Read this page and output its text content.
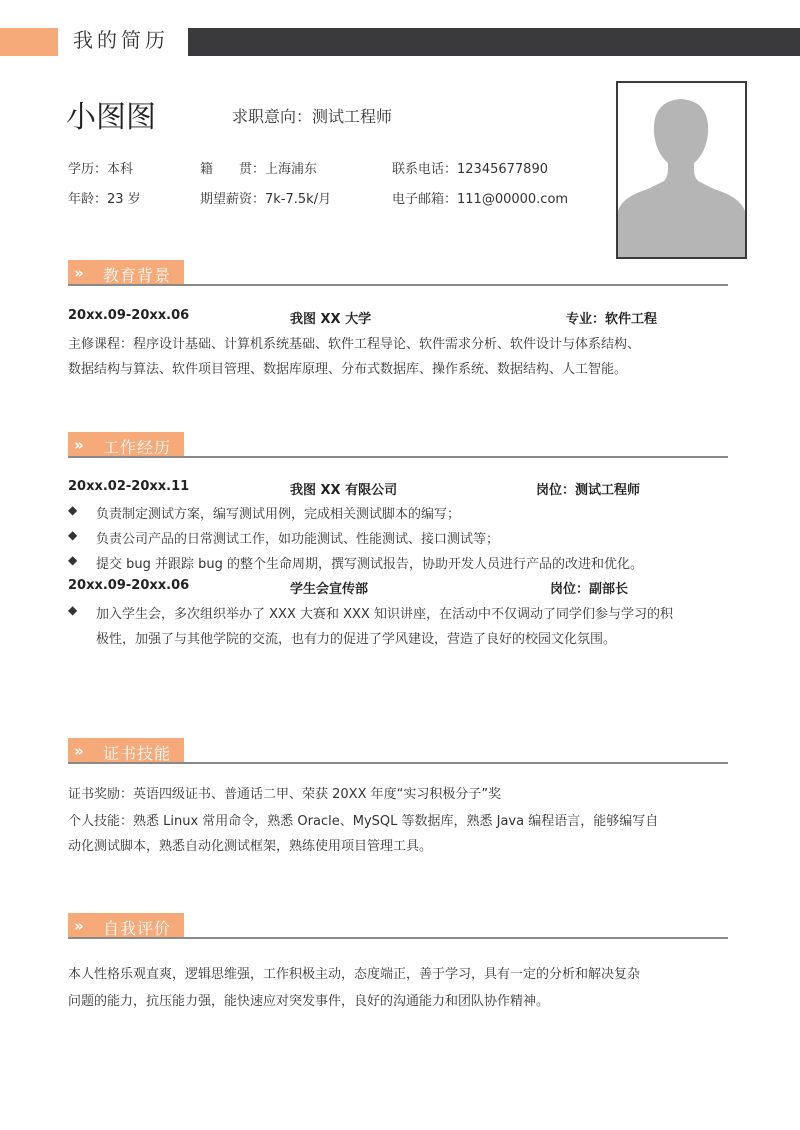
我的简历
小图图	求职意向：测试工程师
学历：本科	籍　　贯：上海浦东	联系电话：12345677890
年龄：23 岁	期望薪资：7k-7.5k/月	电子邮箱：111@00000.com
» 教育背景
20xx.09-20xx.06	我图 XX 大学	专业：软件工程
主修课程：程序设计基础、计算机系统基础、软件工程导论、软件需求分析、软件设计与体系结构、
数据结构与算法、软件项目管理、数据库原理、分布式数据库、操作系统、数据结构、人工智能。
» 工作经历
20xx.02-20xx.11	我图 XX 有限公司	岗位：测试工程师
◆ 负责制定测试方案，编写测试用例，完成相关测试脚本的编写；
◆ 负责公司产品的日常测试工作，如功能测试、性能测试、接口测试等；
◆ 提交 bug 并跟踪 bug 的整个生命周期，撰写测试报告，协助开发人员进行产品的改进和优化。
20xx.09-20xx.06	学生会宣传部	岗位：副部长
◆ 加入学生会，多次组织举办了 XXX 大赛和 XXX 知识讲座，在活动中不仅调动了同学们参与学习的积
极性，加强了与其他学院的交流，也有力的促进了学风建设，营造了良好的校园文化氛围。
» 证书技能
证书奖励：英语四级证书、普通话二甲、荣获 20XX 年度“实习积极分子”奖
个人技能：熟悉 Linux 常用命令，熟悉 Oracle、MySQL 等数据库，熟悉 Java 编程语言，能够编写自
动化测试脚本，熟悉自动化测试框架，熟练使用项目管理工具。
» 自我评价
本人性格乐观直爽，逻辑思维强，工作积极主动，态度端正，善于学习，具有一定的分析和解决复杂
问题的能力，抗压能力强，能快速应对突发事件，良好的沟通能力和团队协作精神。
